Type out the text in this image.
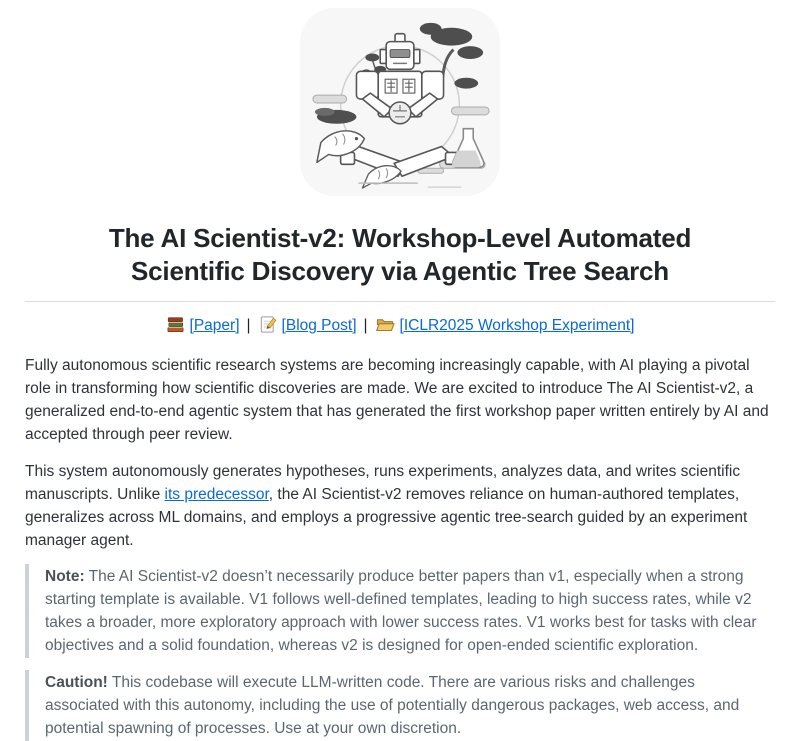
The AI Scientist-v2: Workshop-Level Automated
Scientific Discovery via Agentic Tree Search
[Paper] | [Blog Post] | [ICLR2025 Workshop Experiment]

Fully autonomous scientific research systems are becoming increasingly capable, with AI playing a pivotal role in transforming how scientific discoveries are made. We are excited to introduce The AI Scientist-v2, a generalized end-to-end agentic system that has generated the first workshop paper written entirely by AI and accepted through peer review.

This system autonomously generates hypotheses, runs experiments, analyzes data, and writes scientific manuscripts. Unlike its predecessor, the AI Scientist-v2 removes reliance on human-authored templates, generalizes across ML domains, and employs a progressive agentic tree-search guided by an experiment manager agent.

Note: The AI Scientist-v2 doesn’t necessarily produce better papers than v1, especially when a strong starting template is available. V1 follows well-defined templates, leading to high success rates, while v2 takes a broader, more exploratory approach with lower success rates. V1 works best for tasks with clear objectives and a solid foundation, whereas v2 is designed for open-ended scientific exploration.
Caution! This codebase will execute LLM-written code. There are various risks and challenges associated with this autonomy, including the use of potentially dangerous packages, web access, and potential spawning of processes. Use at your own discretion.
